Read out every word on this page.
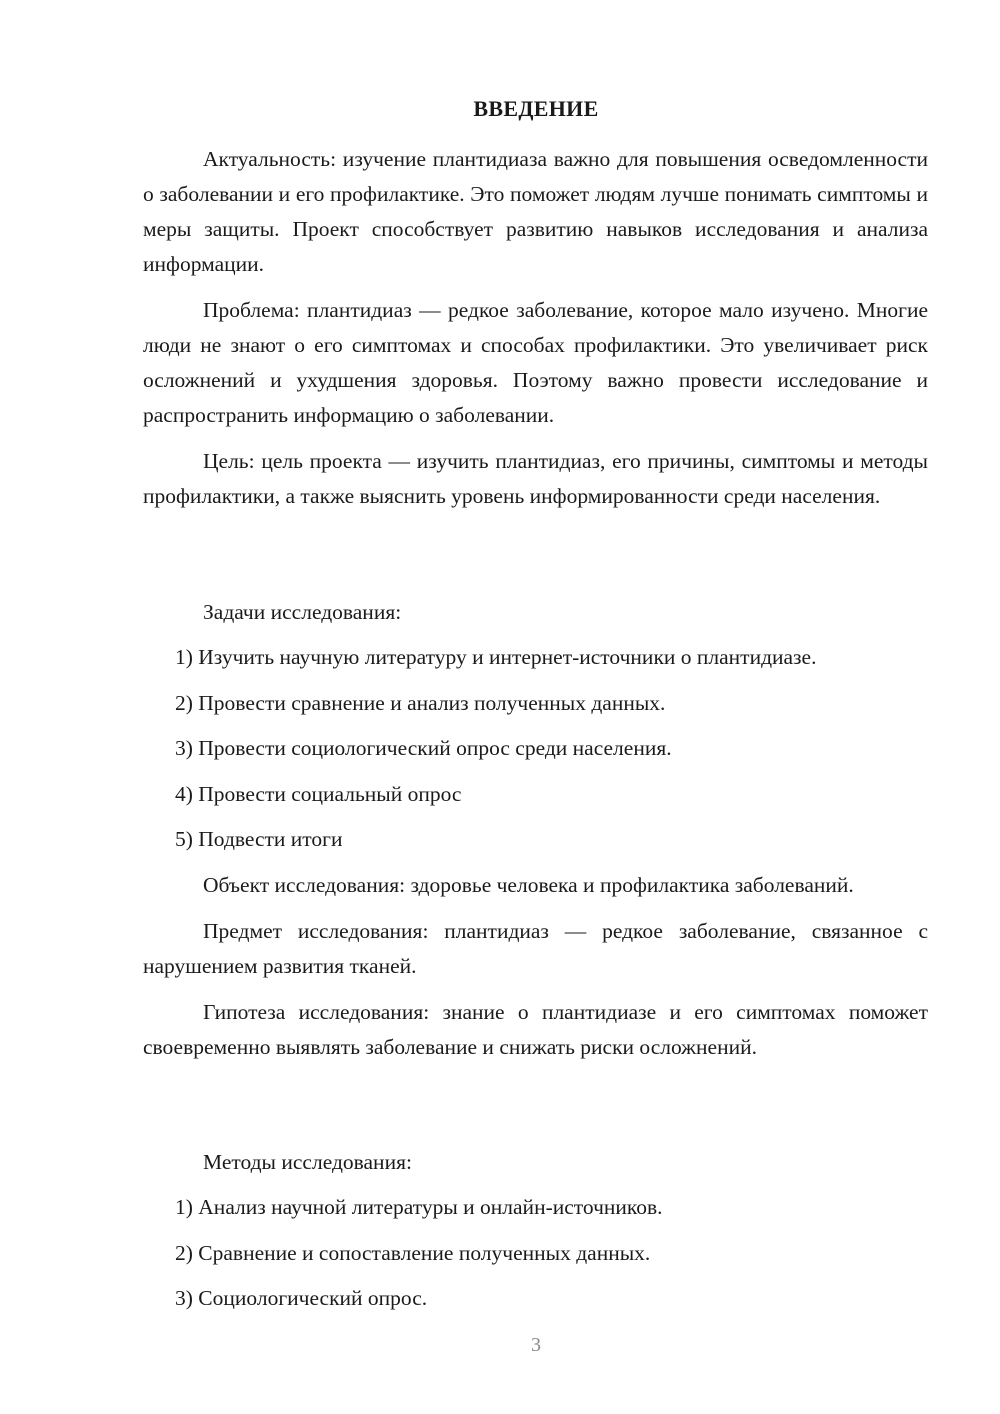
ВВЕДЕНИЕ

Актуальность: изучение плантидиаза важно для повышения осведомленности о заболевании и его профилактике. Это поможет людям лучше понимать симптомы и меры защиты. Проект способствует развитию навыков исследования и анализа информации.

Проблема: плантидиаз — редкое заболевание, которое мало изучено. Многие люди не знают о его симптомах и способах профилактики. Это увеличивает риск осложнений и ухудшения здоровья. Поэтому важно провести исследование и распространить информацию о заболевании.

Цель: цель проекта — изучить плантидиаз, его причины, симптомы и методы профилактики, а также выяснить уровень информированности среди населения.

Задачи исследования:

1) Изучить научную литературу и интернет-источники о плантидиазе.

2) Провести сравнение и анализ полученных данных.

3) Провести социологический опрос среди населения.

4) Провести социальный опрос

5) Подвести итоги

Объект исследования: здоровье человека и профилактика заболеваний.

Предмет исследования: плантидиаз — редкое заболевание, связанное с нарушением развития тканей.

Гипотеза исследования: знание о плантидиазе и его симптомах поможет своевременно выявлять заболевание и снижать риски осложнений.

Методы исследования:

1) Анализ научной литературы и онлайн-источников.

2) Сравнение и сопоставление полученных данных.

3) Социологический опрос.

3
